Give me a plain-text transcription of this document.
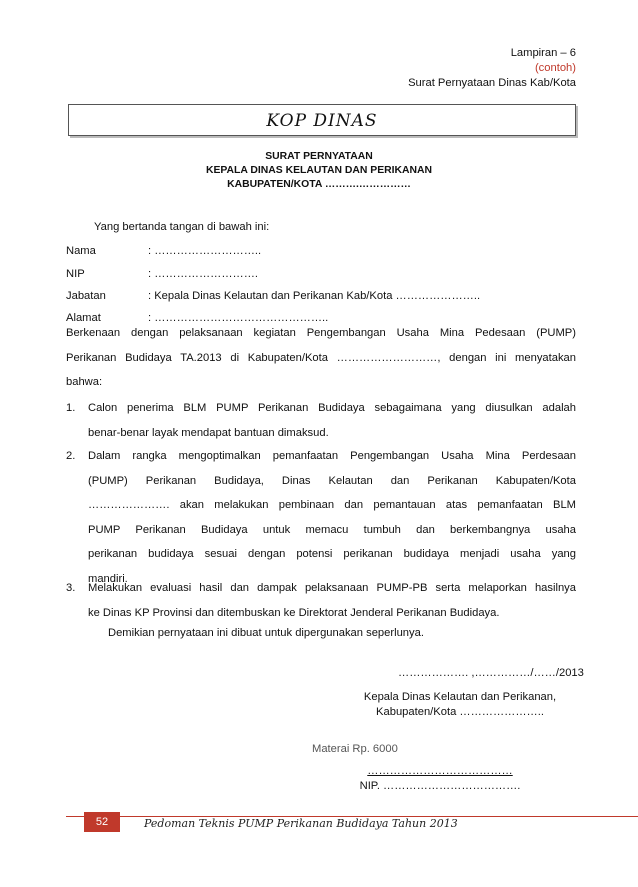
Lampiran – 6
(contoh)
Surat Pernyataan Dinas Kab/Kota
KOP DINAS
SURAT PERNYATAAN
KEPALA DINAS KELAUTAN DAN PERIKANAN
KABUPATEN/KOTA ……….……………
Yang bertanda tangan di bawah ini:
Nama	: ………………………..
NIP	: ……………………….
Jabatan	: Kepala Dinas Kelautan dan Perikanan Kab/Kota …………………..
Alamat	: ………………………………………..
Berkenaan dengan pelaksanaan kegiatan Pengembangan Usaha Mina Pedesaan (PUMP)
Perikanan Budidaya TA.2013 di Kabupaten/Kota ………………………, dengan ini menyatakan
bahwa:
1. Calon penerima BLM PUMP Perikanan Budidaya sebagaimana yang diusulkan adalah
benar-benar layak mendapat bantuan dimaksud.
2. Dalam rangka mengoptimalkan pemanfaatan Pengembangan Usaha Mina Perdesaan
(PUMP) Perikanan Budidaya, Dinas Kelautan dan Perikanan Kabupaten/Kota
…………………. akan melakukan pembinaan dan pemantauan atas pemanfaatan BLM
PUMP Perikanan Budidaya untuk memacu tumbuh dan berkembangnya usaha
perikanan budidaya sesuai dengan potensi perikanan budidaya menjadi usaha yang
mandiri.
3. Melakukan evaluasi hasil dan dampak pelaksanaan PUMP-PB serta melaporkan hasilnya
ke Dinas KP Provinsi dan ditembuskan ke Direktorat Jenderal Perikanan Budidaya.
Demikian pernyataan ini dibuat untuk dipergunakan seperlunya.
………………. ,……………/……/2013
Kepala Dinas Kelautan dan Perikanan,
Kabupaten/Kota …………………..
Materai Rp. 6000
…………………………………
NIP. ……………………………….
52	Pedoman Teknis PUMP Perikanan Budidaya Tahun 2013
